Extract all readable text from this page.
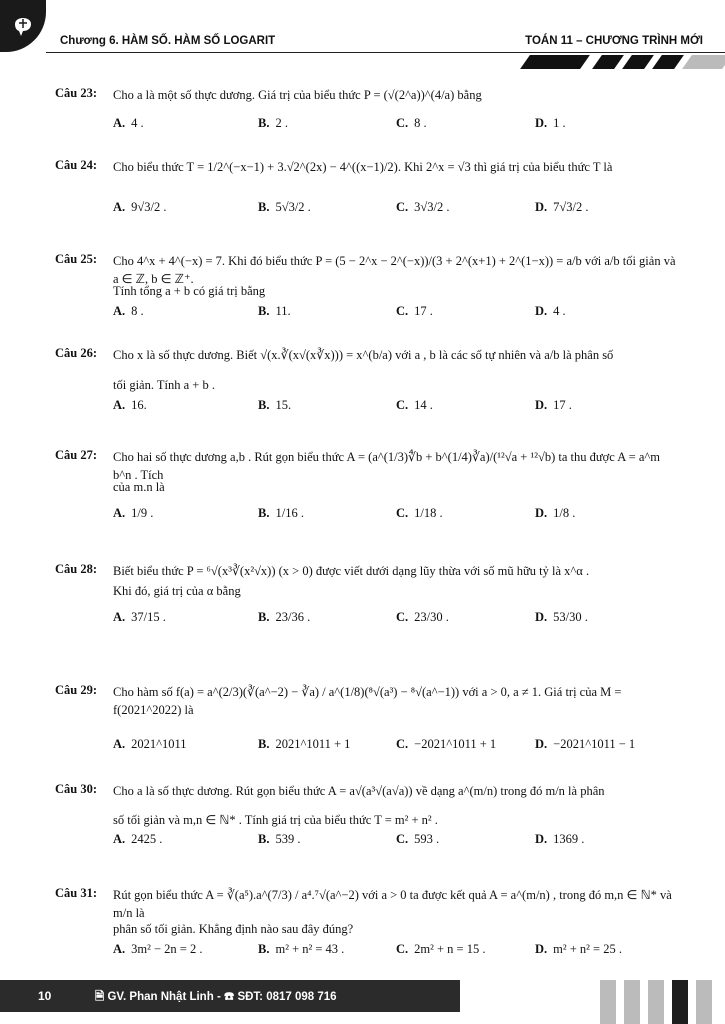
Chương 6. HÀM SỐ. HÀM SỐ LOGARIT	TOÁN 11 – CHƯƠNG TRÌNH MỚI
Câu 23: Cho a là một số thực dương. Giá trị của biểu thức P = (√(2^a))^(4/a) bằng
A. 4 .	B. 2 .	C. 8 .	D. 1 .
Câu 24: Cho biểu thức T = 1/2^(−x−1) + 3.√2^(2x) − 4^((x−1)/2). Khi 2^x = √3 thì giá trị của biểu thức T là
A. 9√3/2 .	B. 5√3/2 .	C. 3√3/2 .	D. 7√3/2 .
Câu 25: Cho 4^x + 4^(−x) = 7. Khi đó biểu thức P = (5 − 2^x − 2^(−x))/(3 + 2^(x+1) + 2^(1−x)) = a/b với a/b tối giản và a ∈ ℤ, b ∈ ℤ⁺.
Tính tổng a + b có giá trị bằng
A. 8 .	B. 11.	C. 17 .	D. 4 .
Câu 26: Cho x là số thực dương. Biết √(x.∛(x√(x∛x))) = x^(b/a) với a , b là các số tự nhiên và a/b là phân số
tối giản. Tính a + b .
A. 16.	B. 15.	C. 14 .	D. 17 .
Câu 27: Cho hai số thực dương a,b . Rút gọn biểu thức A = (a^(1/3)∜b + b^(1/4)∛a)/(¹²√a + ¹²√b) ta thu được A = a^m b^n . Tích
của m.n là
A. 1/9 .	B. 1/16 .	C. 1/18 .	D. 1/8 .
Câu 28: Biết biểu thức P = ⁶√(x³∛(x²√x)) (x > 0) được viết dưới dạng lũy thừa với số mũ hữu tỷ là x^α .
Khi đó, giá trị của α bằng
A. 37/15 .	B. 23/36 .	C. 23/30 .	D. 53/30 .
Câu 29: Cho hàm số f(a) = a^(2/3)(∛(a^−2) − ∛a) / a^(1/8)(⁸√(a³) − ⁸√(a^−1)) với a > 0, a ≠ 1. Giá trị của M = f(2021^2022) là
A. 2021^1011	B. 2021^1011 + 1	C. −2021^1011 + 1	D. −2021^1011 − 1
Câu 30: Cho a là số thực dương. Rút gọn biểu thức A = a√(a³√(a√a)) về dạng a^(m/n) trong đó m/n là phân
số tối giản và m,n ∈ ℕ* . Tính giá trị của biểu thức T = m² + n² .
A. 2425 .	B. 539 .	C. 593 .	D. 1369 .
Câu 31: Rút gọn biểu thức A = ∛(a⁵).a^(7/3) / a⁴.⁷√(a^−2) với a > 0 ta được kết quả A = a^(m/n) , trong đó m,n ∈ ℕ* và m/n là
phân số tối giản. Khẳng định nào sau đây đúng?
A. 3m² − 2n = 2 .	B. m² + n² = 43 .	C. 2m² + n = 15 .	D. m² + n² = 25 .
10	🗎 GV. Phan Nhật Linh - ☎ SĐT: 0817 098 716
